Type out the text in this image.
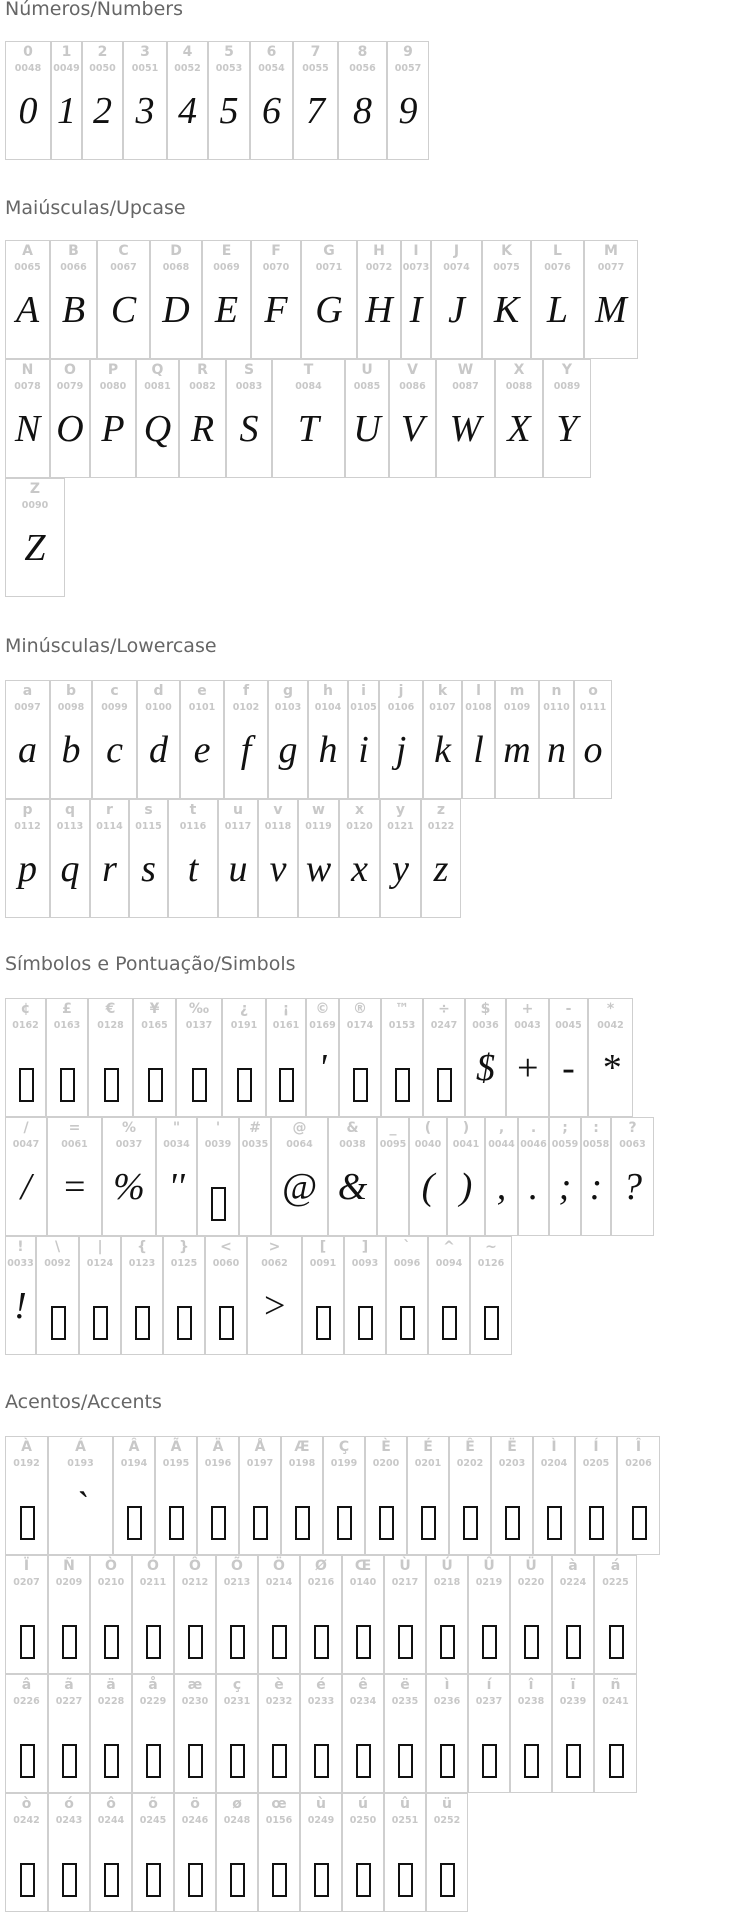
Números/Numbers
0
0048
0
1
0049
1
2
0050
2
3
0051
3
4
0052
4
5
0053
5
6
0054
6
7
0055
7
8
0056
8
9
0057
9
Maiúsculas/Upcase
A
0065
A
B
0066
B
C
0067
C
D
0068
D
E
0069
E
F
0070
F
G
0071
G
H
0072
H
I
0073
I
J
0074
J
K
0075
K
L
0076
L
M
0077
M
N
0078
N
O
0079
O
P
0080
P
Q
0081
Q
R
0082
R
S
0083
S
T
0084
T
U
0085
U
V
0086
V
W
0087
W
X
0088
X
Y
0089
Y
Z
0090
Z
Minúsculas/Lowercase
a
0097
a
b
0098
b
c
0099
c
d
0100
d
e
0101
e
f
0102
f
g
0103
g
h
0104
h
i
0105
i
j
0106
j
k
0107
k
l
0108
l
m
0109
m
n
0110
n
o
0111
o
p
0112
p
q
0113
q
r
0114
r
s
0115
s
t
0116
t
u
0117
u
v
0118
v
w
0119
w
x
0120
x
y
0121
y
z
0122
z
Símbolos e Pontuação/Simbols
¢
0162
£
0163
€
0128
¥
0165
‰
0137
¿
0191
¡
0161
©
0169
'
®
0174
™
0153
÷
0247
$
0036
$
+
0043
+
-
0045
-
*
0042
*
/
0047
/
=
0061
=
%
0037
%
"
0034
''
'
0039
#
0035
@
0064
@
&
0038
&
_
0095
(
0040
(
)
0041
)
,
0044
,
.
0046
.
;
0059
;
:
0058
:
?
0063
?
!
0033
!
\
0092
|
0124
{
0123
}
0125
<
0060
>
0062
>
[
0091
]
0093
`
0096
^
0094
~
0126
Acentos/Accents
À
0192
Á
0193
`
Â
0194
Ã
0195
Ä
0196
Å
0197
Æ
0198
Ç
0199
È
0200
É
0201
Ê
0202
Ë
0203
Ì
0204
Í
0205
Î
0206
Ï
0207
Ñ
0209
Ò
0210
Ó
0211
Ô
0212
Õ
0213
Ö
0214
Ø
0216
Œ
0140
Ù
0217
Ú
0218
Û
0219
Ü
0220
à
0224
á
0225
â
0226
ã
0227
ä
0228
å
0229
æ
0230
ç
0231
è
0232
é
0233
ê
0234
ë
0235
ì
0236
í
0237
î
0238
ï
0239
ñ
0241
ò
0242
ó
0243
ô
0244
õ
0245
ö
0246
ø
0248
œ
0156
ù
0249
ú
0250
û
0251
ü
0252
